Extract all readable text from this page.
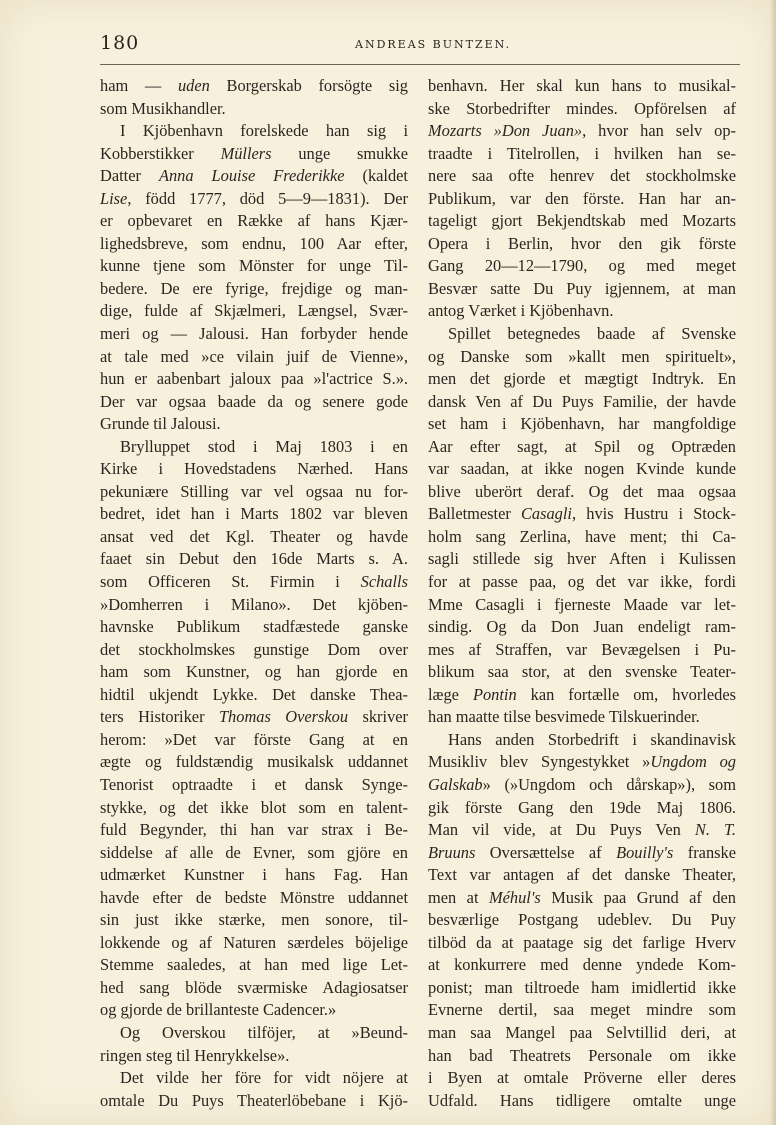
180	ANDREAS BUNTZEN.
ham — uden Borgerskab forsögte sig
som Musikhandler.
I Kjöbenhavn forelskede han sig i
Kobberstikker Müllers unge smukke
Datter Anna Louise Frederikke (kaldet
Lise, född 1777, död 5—9—1831). Der
er opbevaret en Række af hans Kjær-
lighedsbreve, som endnu, 100 Aar efter,
kunne tjene som Mönster for unge Til-
bedere. De ere fyrige, frejdige og man-
dige, fulde af Skjælmeri, Længsel, Svær-
meri og — Jalousi. Han forbyder hende
at tale med »ce vilain juif de Vienne»,
hun er aabenbart jaloux paa »l'actrice S.».
Der var ogsaa baade da og senere gode
Grunde til Jalousi.
Brylluppet stod i Maj 1803 i en
Kirke i Hovedstadens Nærhed. Hans
pekuniære Stilling var vel ogsaa nu for-
bedret, idet han i Marts 1802 var bleven
ansat ved det Kgl. Theater og havde
faaet sin Debut den 16de Marts s. A.
som Officeren St. Firmin i Schalls
»Domherren i Milano». Det kjöben-
havnske Publikum stadfæstede ganske
det stockholmskes gunstige Dom over
ham som Kunstner, og han gjorde en
hidtil ukjendt Lykke. Det danske Thea-
ters Historiker Thomas Overskou skriver
herom: »Det var förste Gang at en
ægte og fuldstændig musikalsk uddannet
Tenorist optraadte i et dansk Synge-
stykke, og det ikke blot som en talent-
fuld Begynder, thi han var strax i Be-
siddelse af alle de Evner, som gjöre en
udmærket Kunstner i hans Fag. Han
havde efter de bedste Mönstre uddannet
sin just ikke stærke, men sonore, til-
lokkende og af Naturen særdeles böjelige
Stemme saaledes, at han med lige Let-
hed sang blöde sværmiske Adagiosatser
og gjorde de brillanteste Cadencer.»
Og Overskou tilföjer, at »Beund-
ringen steg til Henrykkelse».
Det vilde her före for vidt nöjere at
omtale Du Puys Theaterlöbebane i Kjö-
benhavn. Her skal kun hans to musikal-
ske Storbedrifter mindes. Opförelsen af
Mozarts »Don Juan», hvor han selv op-
traadte i Titelrollen, i hvilken han se-
nere saa ofte henrev det stockholmske
Publikum, var den förste. Han har an-
tageligt gjort Bekjendtskab med Mozarts
Opera i Berlin, hvor den gik förste
Gang 20—12—1790, og med meget
Besvær satte Du Puy igjennem, at man
antog Værket i Kjöbenhavn.
Spillet betegnedes baade af Svenske
og Danske som »kallt men spirituelt»,
men det gjorde et mægtigt Indtryk. En
dansk Ven af Du Puys Familie, der havde
set ham i Kjöbenhavn, har mangfoldige
Aar efter sagt, at Spil og Optræden
var saadan, at ikke nogen Kvinde kunde
blive uberört deraf. Og det maa ogsaa
Balletmester Casagli, hvis Hustru i Stock-
holm sang Zerlina, have ment; thi Ca-
sagli stillede sig hver Aften i Kulissen
for at passe paa, og det var ikke, fordi
Mme Casagli i fjerneste Maade var let-
sindig. Og da Don Juan endeligt ram-
mes af Straffen, var Bevægelsen i Pu-
blikum saa stor, at den svenske Teater-
læge Pontin kan fortælle om, hvorledes
han maatte tilse besvimede Tilskuerinder.
Hans anden Storbedrift i skandinavisk
Musikliv blev Syngestykket »Ungdom og
Galskab» (»Ungdom och dårskap»), som
gik förste Gang den 19de Maj 1806.
Man vil vide, at Du Puys Ven N. T.
Bruuns Oversættelse af Bouilly's franske
Text var antagen af det danske Theater,
men at Méhul's Musik paa Grund af den
besværlige Postgang udeblev. Du Puy
tilböd da at paatage sig det farlige Hverv
at konkurrere med denne yndede Kom-
ponist; man tiltroede ham imidlertid ikke
Evnerne dertil, saa meget mindre som
man saa Mangel paa Selvtillid deri, at
han bad Theatrets Personale om ikke
i Byen at omtale Pröverne eller deres
Udfald. Hans tidligere omtalte unge
